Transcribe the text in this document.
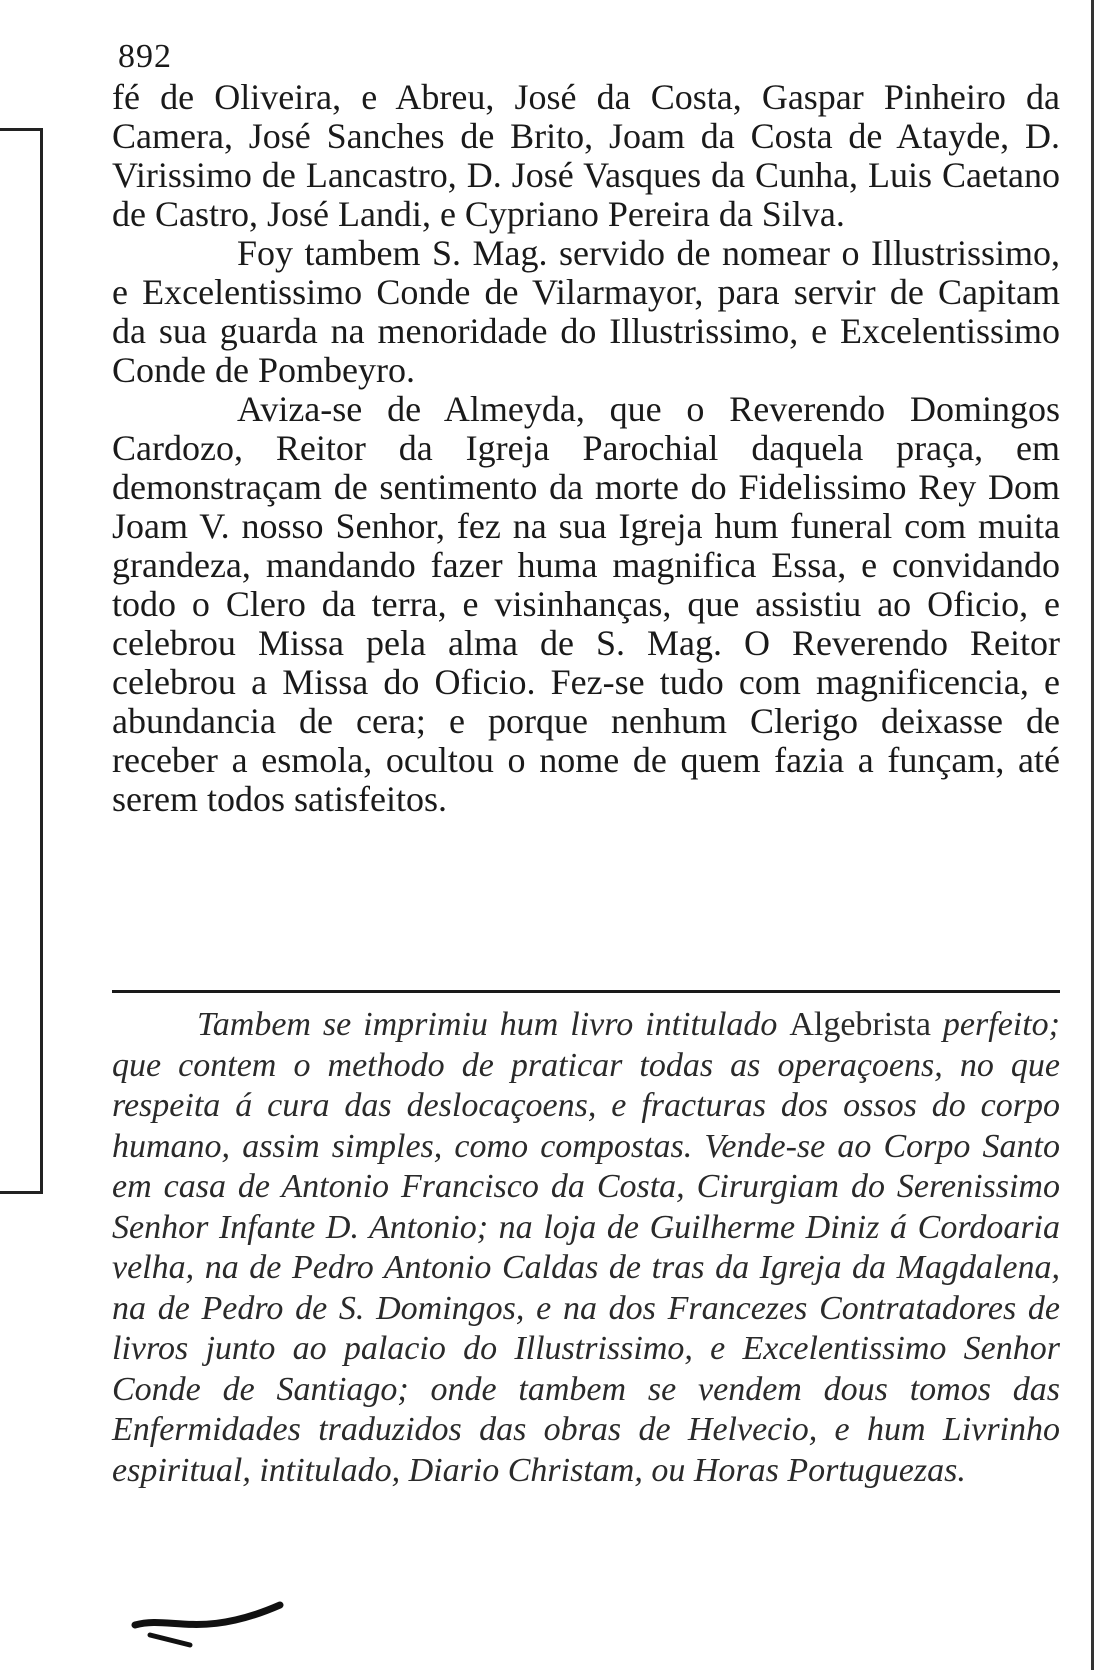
892

fé de Oliveira, e Abreu, José da Costa, Gaspar Pinheiro da Camera, José Sanches de Brito, Joam da Costa de Atayde, D. Virissimo de Lancastro, D. José Vasques da Cunha, Luis Caetano de Castro, José Landi, e Cypriano Pereira da Silva.

Foy tambem S. Mag. servido de nomear o Illustrissimo, e Excelentissimo Conde de Vilarmayor, para servir de Capitam da sua guarda na menoridade do Illustrissimo, e Excelentissimo Conde de Pombeyro.

Aviza-se de Almeyda, que o Reverendo Domingos Cardozo, Reitor da Igreja Parochial daquela praça, em demonstraçam de sentimento da morte do Fidelissimo Rey Dom Joam V. nosso Senhor, fez na sua Igreja hum funeral com muita grandeza, mandando fazer huma magnifica Essa, e convidando todo o Clero da terra, e visinhanças, que assistiu ao Oficio, e celebrou Missa pela alma de S. Mag. O Reverendo Reitor celebrou a Missa do Oficio. Fez-se tudo com magnificencia, e abundancia de cera; e porque nenhum Clerigo deixasse de receber a esmola, ocultou o nome de quem fazia a funçam, até serem todos satisfeitos.

Tambem se imprimiu hum livro intitulado Algebrista perfeito; que contem o methodo de praticar todas as operaçoens, no que respeita á cura das deslocaçoens, e fracturas dos ossos do corpo humano, assim simples, como compostas. Vende-se ao Corpo Santo em casa de Antonio Francisco da Costa, Cirurgiam do Serenissimo Senhor Infante D. Antonio; na loja de Guilherme Diniz á Cordoaria velha, na de Pedro Antonio Caldas de tras da Igreja da Magdalena, na de Pedro de S. Domingos, e na dos Francezes Contratadores de livros junto ao palacio do Illustrissimo, e Excelentissimo Senhor Conde de Santiago; onde tambem se vendem dous tomos das Enfermidades traduzidos das obras de Helvecio, e hum Livrinho espiritual, intitulado, Diario Christam, ou Horas Portuguezas.
